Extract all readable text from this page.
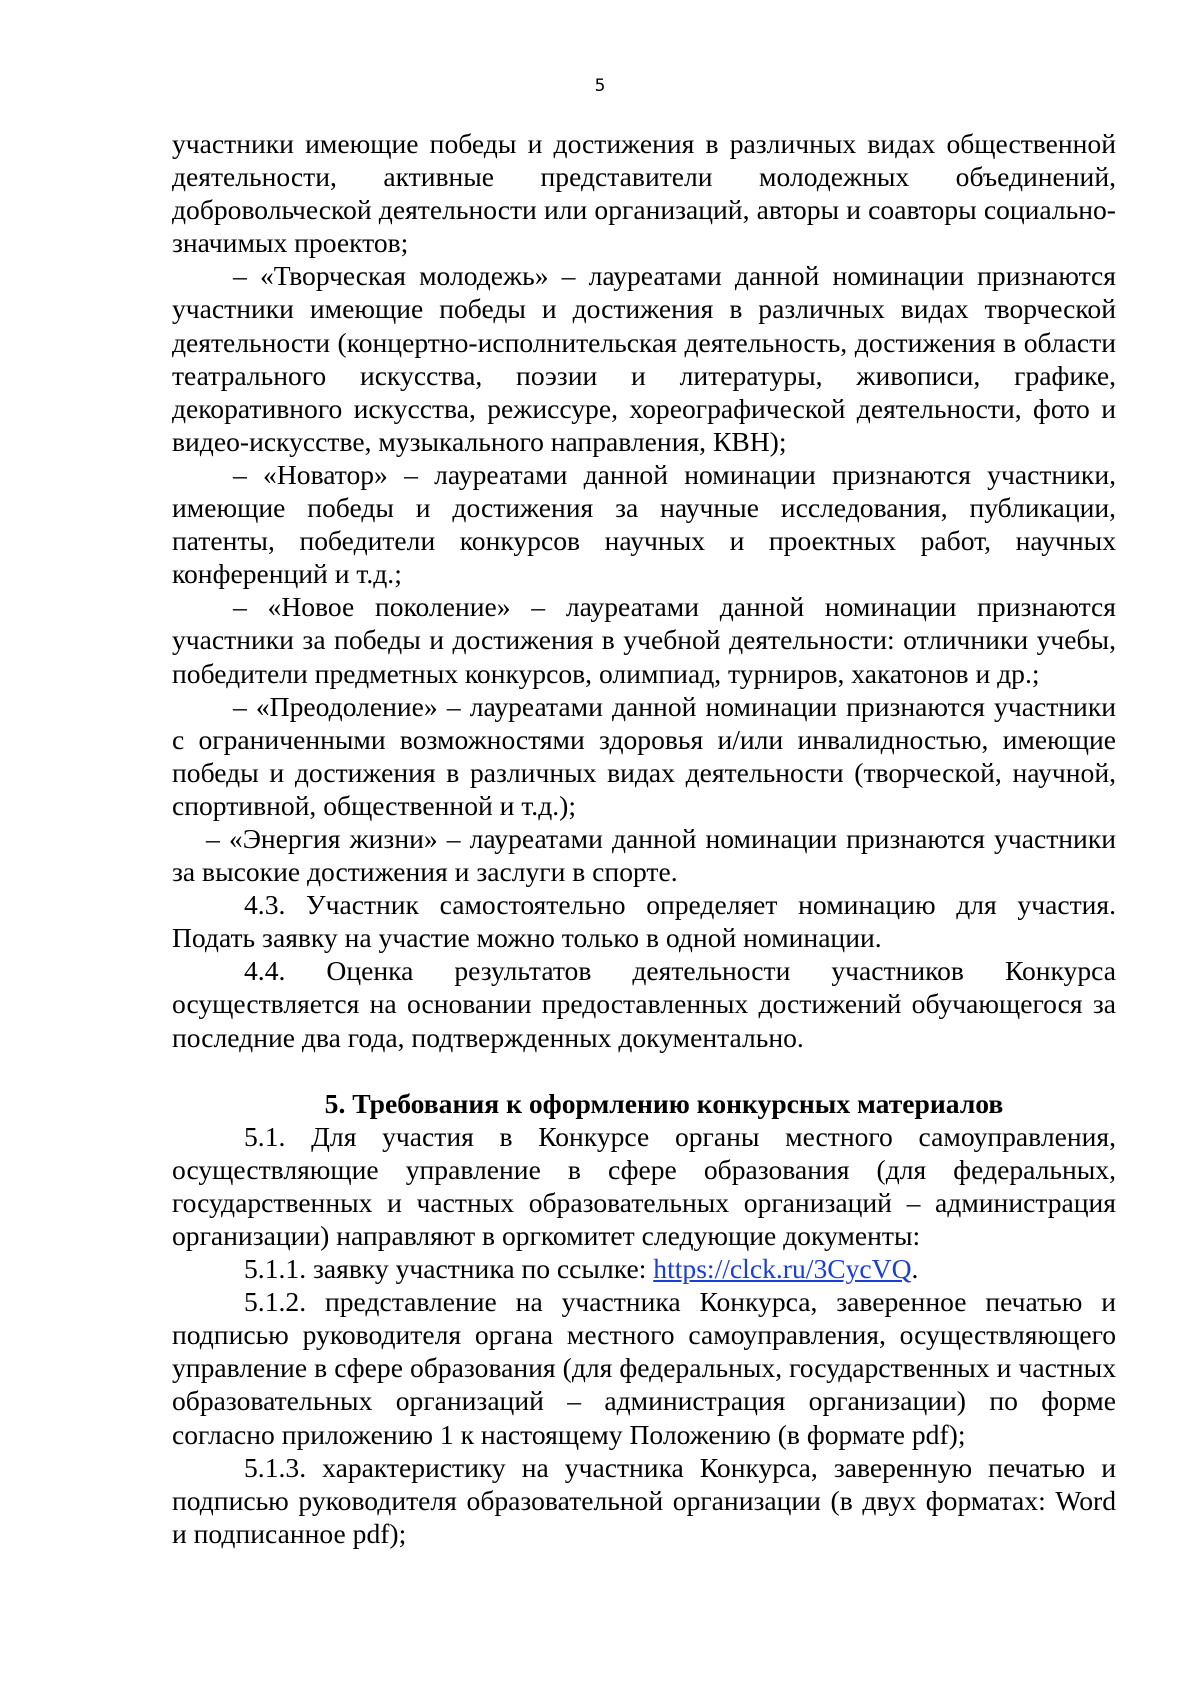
5

участники имеющие победы и достижения в различных видах общественной деятельности, активные представители молодежных объединений, добровольческой деятельности или организаций, авторы и соавторы социально-значимых проектов;

– «Творческая молодежь» – лауреатами данной номинации признаются участники имеющие победы и достижения в различных видах творческой деятельности (концертно-исполнительская деятельность, достижения в области театрального искусства, поэзии и литературы, живописи, графике, декоративного искусства, режиссуре, хореографической деятельности, фото и видео-искусстве, музыкального направления, КВН);

– «Новатор» – лауреатами данной номинации признаются участники, имеющие победы и достижения за научные исследования, публикации, патенты, победители конкурсов научных и проектных работ, научных конференций и т.д.;

– «Новое поколение» – лауреатами данной номинации признаются участники за победы и достижения в учебной деятельности: отличники учебы, победители предметных конкурсов, олимпиад, турниров, хакатонов и др.;

– «Преодоление» – лауреатами данной номинации признаются участники с ограниченными возможностями здоровья и/или инвалидностью, имеющие победы и достижения в различных видах деятельности (творческой, научной, спортивной, общественной и т.д.);

– «Энергия жизни» – лауреатами данной номинации признаются участники за высокие достижения и заслуги в спорте.

4.3. Участник самостоятельно определяет номинацию для участия. Подать заявку на участие можно только в одной номинации.

4.4. Оценка результатов деятельности участников Конкурса осуществляется на основании предоставленных достижений обучающегося за последние два года, подтвержденных документально.

5. Требования к оформлению конкурсных материалов

5.1. Для участия в Конкурсе органы местного самоуправления, осуществляющие управление в сфере образования (для федеральных, государственных и частных образовательных организаций – администрация организации) направляют в оргкомитет следующие документы:

5.1.1. заявку участника по ссылке: https://clck.ru/3CycVQ.

5.1.2. представление на участника Конкурса, заверенное печатью и подписью руководителя органа местного самоуправления, осуществляющего управление в сфере образования (для федеральных, государственных и частных образовательных организаций – администрация организации) по форме согласно приложению 1 к настоящему Положению (в формате pdf);

5.1.3. характеристику на участника Конкурса, заверенную печатью и подписью руководителя образовательной организации (в двух форматах: Word и подписанное pdf);
